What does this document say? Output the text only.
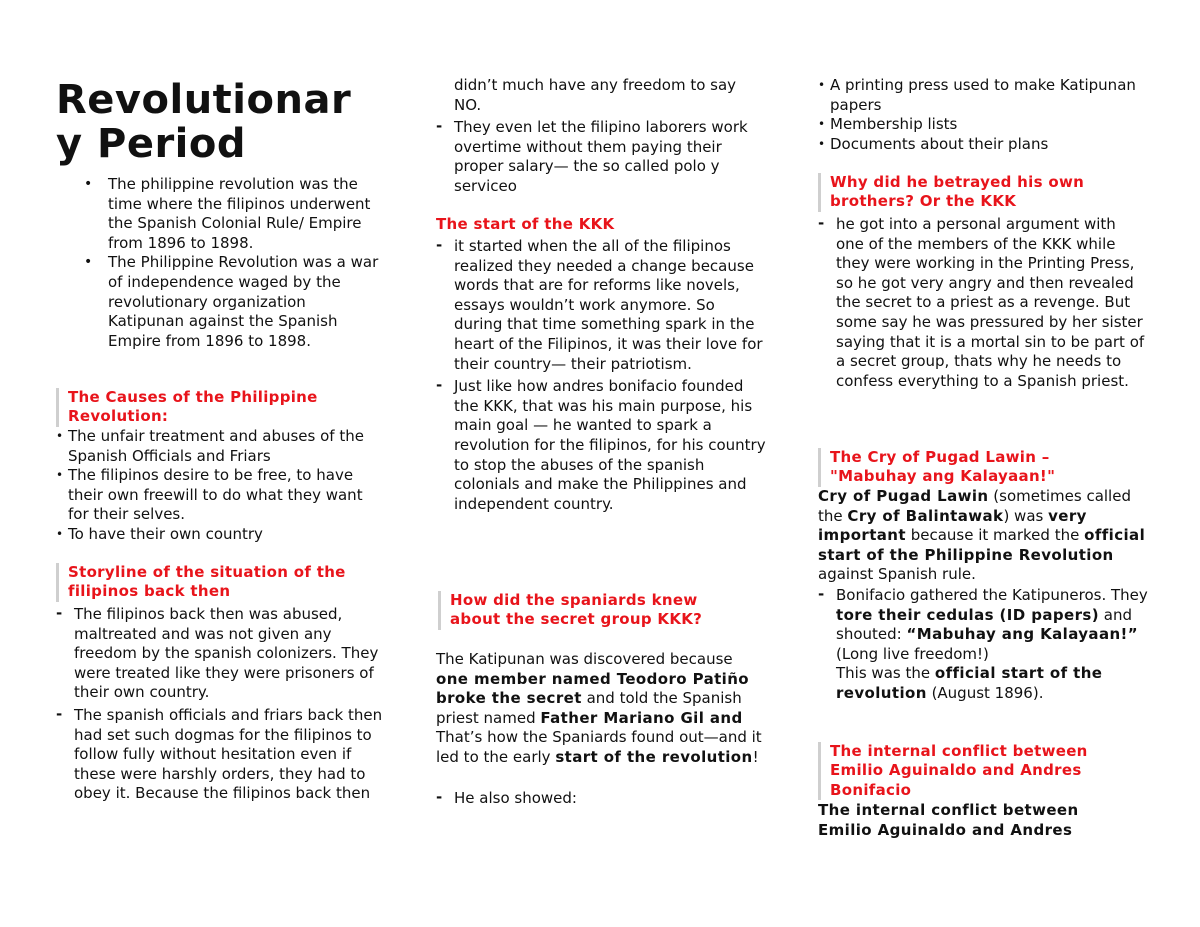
Revolutionar y Period
• The philippine revolution was the time where the filipinos underwent the Spanish Colonial Rule/ Empire from 1896 to 1898.
• The Philippine Revolution was a war of independence waged by the revolutionary organization Katipunan against the Spanish Empire from 1896 to 1898.
The Causes of the Philippine Revolution:
• The unfair treatment and abuses of the Spanish Officials and Friars
• The filipinos desire to be free, to have their own freewill to do what they want for their selves.
• To have their own country
Storyline of the situation of the filipinos back then
- The filipinos back then was abused, maltreated and was not given any freedom by the spanish colonizers. They were treated like they were prisoners of their own country.
- The spanish officials and friars back then had set such dogmas for the filipinos to follow fully without hesitation even if these were harshly orders, they had to obey it. Because the filipinos back then
didn’t much have any freedom to say NO.
- They even let the filipino laborers work overtime without them paying their proper salary— the so called polo y serviceo
The start of the KKK
- it started when the all of the filipinos realized they needed a change because words that are for reforms like novels, essays wouldn’t work anymore. So during that time something spark in the heart of the Filipinos, it was their love for their country— their patriotism.
- Just like how andres bonifacio founded the KKK, that was his main purpose, his main goal — he wanted to spark a revolution for the filipinos, for his country to stop the abuses of the spanish colonials and make the Philippines and independent country.
How did the spaniards knew about the secret group KKK?
The Katipunan was discovered because one member named Teodoro Patiño broke the secret and told the Spanish priest named Father Mariano Gil and That’s how the Spaniards found out—and it led to the early start of the revolution!
- He also showed:
• A printing press used to make Katipunan papers
• Membership lists
• Documents about their plans
Why did he betrayed his own brothers? Or the KKK
- he got into a personal argument with one of the members of the KKK while they were working in the Printing Press, so he got very angry and then revealed the secret to a priest as a revenge. But some say he was pressured by her sister saying that it is a mortal sin to be part of a secret group, thats why he needs to confess everything to a Spanish priest.
The Cry of Pugad Lawin – "Mabuhay ang Kalayaan!"
Cry of Pugad Lawin (sometimes called the Cry of Balintawak) was very important because it marked the official start of the Philippine Revolution against Spanish rule.
- Bonifacio gathered the Katipuneros. They tore their cedulas (ID papers) and shouted: “Mabuhay ang Kalayaan!” (Long live freedom!)
This was the official start of the revolution (August 1896).
The internal conflict between Emilio Aguinaldo and Andres Bonifacio
The internal conflict between Emilio Aguinaldo and Andres
